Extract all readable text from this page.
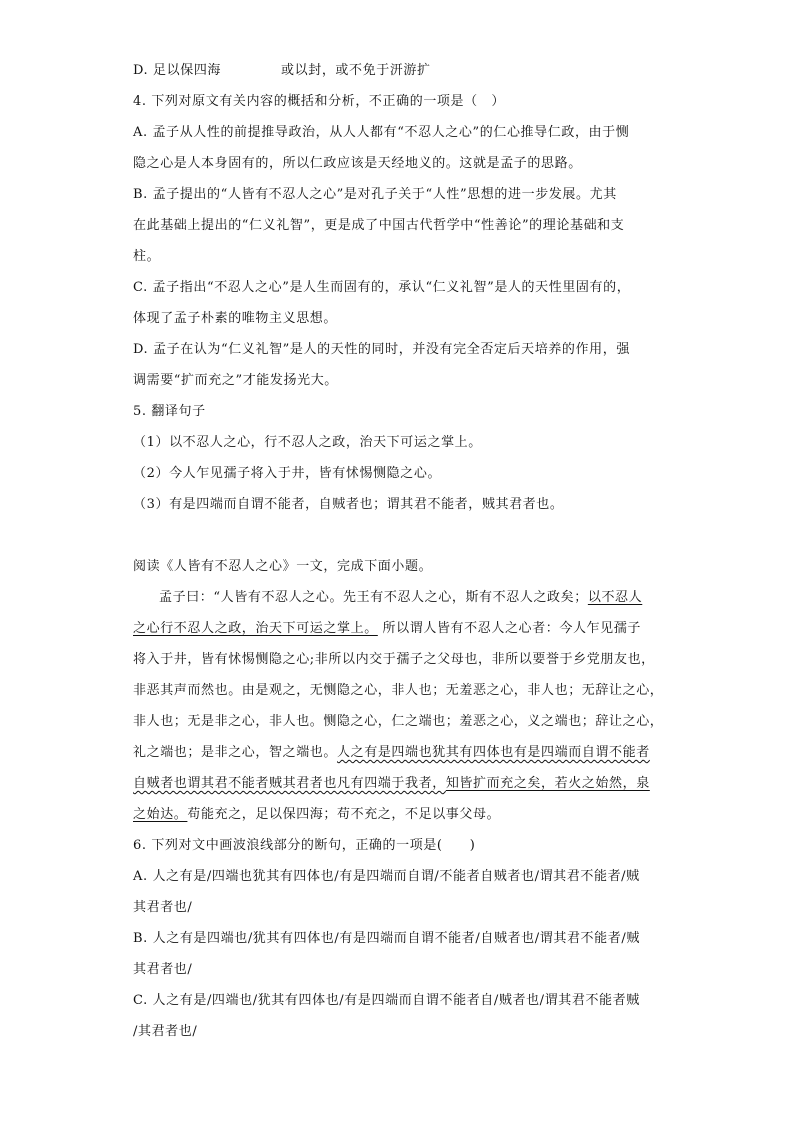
D. 足以保四海	或以封，或不免于汧游扩
4. 下列对原文有关内容的概括和分析，不正确的一项是（　）
A. 孟子从人性的前提推导政治，从人人都有“不忍人之心”的仁心推导仁政，由于恻
隐之心是人本身固有的，所以仁政应该是天经地义的。这就是孟子的思路。
B. 孟子提出的“人皆有不忍人之心”是对孔子关于“人性”思想的进一步发展。尤其
在此基础上提出的“仁义礼智”，更是成了中国古代哲学中“性善论”的理论基础和支
柱。
C. 孟子指出“不忍人之心”是人生而固有的，承认“仁义礼智”是人的天性里固有的，
体现了孟子朴素的唯物主义思想。
D. 孟子在认为“仁义礼智”是人的天性的同时，并没有完全否定后天培养的作用，强
调需要“扩而充之”才能发扬光大。
5. 翻译句子
（1）以不忍人之心，行不忍人之政，治天下可运之掌上。
（2）今人乍见孺子将入于井，皆有怵惕恻隐之心。
（3）有是四端而自谓不能者，自贼者也；谓其君不能者，贼其君者也。
阅读《人皆有不忍人之心》一文，完成下面小题。
孟子曰：“人皆有不忍人之心。先王有不忍人之心，斯有不忍人之政矣；以不忍人
之心行不忍人之政，治天下可运之掌上。 所以谓人皆有不忍人之心者：今人乍见孺子
将入于井，皆有怵惕恻隐之心;非所以内交于孺子之父母也，非所以要誉于乡党朋友也，
非恶其声而然也。由是观之，无恻隐之心，非人也；无羞恶之心，非人也；无辞让之心，
非人也；无是非之心，非人也。恻隐之心，仁之端也；羞恶之心，义之端也；辞让之心，
礼之端也；是非之心，智之端也。人之有是四端也犹其有四体也有是四端而自谓不能者
自贼者也谓其君不能者贼其君者也凡有四端于我者，知皆扩而充之矣，若火之始然，泉
之始达。苟能充之，足以保四海；苟不充之，不足以事父母。
6. 下列对文中画波浪线部分的断句，正确的一项是(　　)
A. 人之有是/四端也犹其有四体也/有是四端而自谓/不能者自贼者也/谓其君不能者/贼
其君者也/
B. 人之有是四端也/犹其有四体也/有是四端而自谓不能者/自贼者也/谓其君不能者/贼
其君者也/
C. 人之有是/四端也/犹其有四体也/有是四端而自谓不能者自/贼者也/谓其君不能者贼
/其君者也/
